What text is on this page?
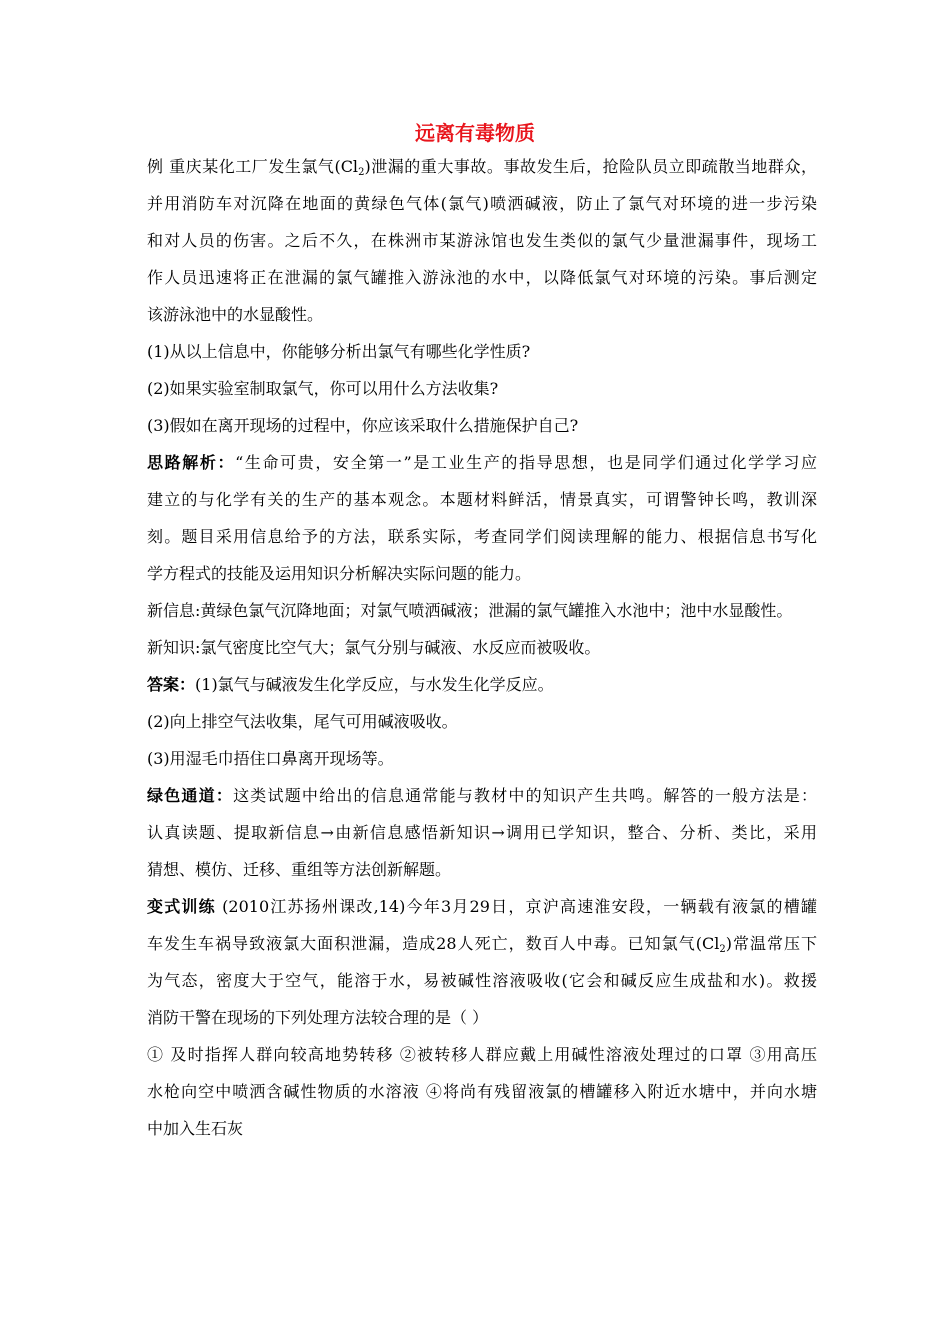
远离有毒物质
例 重庆某化工厂发生氯气$(Cl_2)$泄漏的重大事故。事故发生后，抢险队员立即疏散当地群众，
并用消防车对沉降在地面的黄绿色气体(氯气)喷洒碱液，防止了氯气对环境的进一步污染
和对人员的伤害。之后不久，在株洲市某游泳馆也发生类似的氯气少量泄漏事件，现场工
作人员迅速将正在泄漏的氯气罐推入游泳池的水中，以降低氯气对环境的污染。事后测定
该游泳池中的水显酸性。
(1)从以上信息中，你能够分析出氯气有哪些化学性质?
(2)如果实验室制取氯气，你可以用什么方法收集?
(3)假如在离开现场的过程中，你应该采取什么措施保护自己?
思路解析：“生命可贵，安全第一”是工业生产的指导思想，也是同学们通过化学学习应
建立的与化学有关的生产的基本观念。本题材料鲜活，情景真实，可谓警钟长鸣，教训深
刻。题目采用信息给予的方法，联系实际，考查同学们阅读理解的能力、根据信息书写化
学方程式的技能及运用知识分析解决实际问题的能力。
新信息:黄绿色氯气沉降地面；对氯气喷洒碱液；泄漏的氯气罐推入水池中；池中水显酸性。
新知识:氯气密度比空气大；氯气分别与碱液、水反应而被吸收。
答案：(1)氯气与碱液发生化学反应，与水发生化学反应。
(2)向上排空气法收集，尾气可用碱液吸收。
(3)用湿毛巾捂住口鼻离开现场等。
绿色通道：这类试题中给出的信息通常能与教材中的知识产生共鸣。解答的一般方法是：
认真读题、提取新信息→由新信息感悟新知识→调用已学知识，整合、分析、类比，采用
猜想、模仿、迁移、重组等方法创新解题。
变式训练 (2010江苏扬州课改,14)今年3月29日，京沪高速淮安段，一辆载有液氯的槽罐
车发生车祸导致液氯大面积泄漏，造成28人死亡，数百人中毒。已知氯气$(Cl_2)$常温常压下
为气态，密度大于空气，能溶于水，易被碱性溶液吸收(它会和碱反应生成盐和水)。救援
消防干警在现场的下列处理方法较合理的是（ ）
① 及时指挥人群向较高地势转移 ②被转移人群应戴上用碱性溶液处理过的口罩 ③用高压
水枪向空中喷洒含碱性物质的水溶液 ④将尚有残留液氯的槽罐移入附近水塘中，并向水塘
中加入生石灰
